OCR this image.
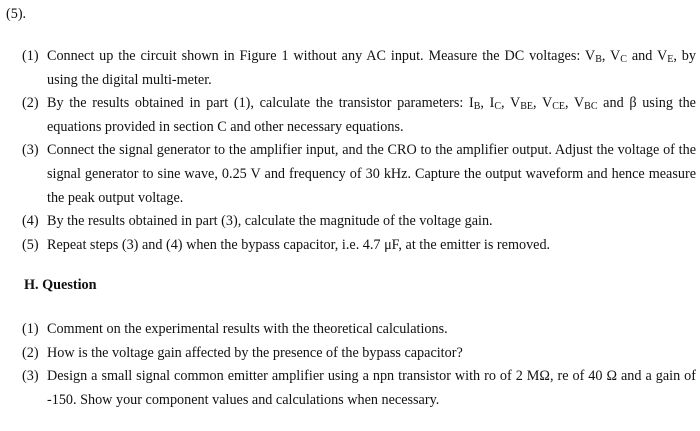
(5).
(1) Connect up the circuit shown in Figure 1 without any AC input. Measure the DC voltages: $V_B$, $V_C$ and $V_E$, by using the digital multi-meter.
(2) By the results obtained in part (1), calculate the transistor parameters: $I_B$, $I_C$, $V_{BE}$, $V_{CE}$, $V_{BC}$ and β using the equations provided in section C and other necessary equations.
(3) Connect the signal generator to the amplifier input, and the CRO to the amplifier output. Adjust the voltage of the signal generator to sine wave, 0.25 V and frequency of 30 kHz. Capture the output waveform and hence measure the peak output voltage.
(4) By the results obtained in part (3), calculate the magnitude of the voltage gain.
(5) Repeat steps (3) and (4) when the bypass capacitor, i.e. 4.7 μF, at the emitter is removed.
H. Question
(1) Comment on the experimental results with the theoretical calculations.
(2) How is the voltage gain affected by the presence of the bypass capacitor?
(3) Design a small signal common emitter amplifier using a npn transistor with ro of 2 MΩ, re of 40 Ω and a gain of -150. Show your component values and calculations when necessary.
